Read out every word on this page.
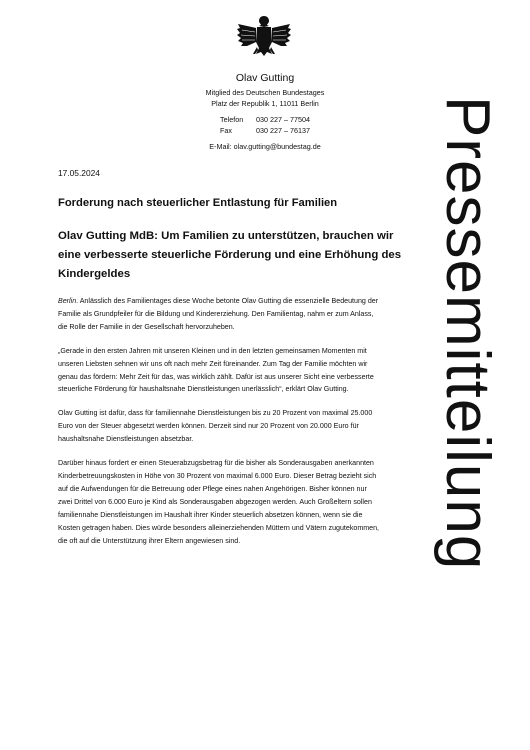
Olav Gutting
Mitglied des Deutschen Bundestages
Platz der Republik 1, 11011 Berlin
Telefon 030 227 – 77504
Fax	030 227 – 76137
E-Mail: olav.gutting@bundestag.de	Pressemitteilung
17.05.2024
Forderung nach steuerlicher Entlastung für Familien
Olav Gutting MdB: Um Familien zu unterstützen, brauchen wir eine verbesserte steuerliche Förderung und eine Erhöhung des Kindergeldes

Berlin. Anlässlich des Familientages diese Woche betonte Olav Gutting die essenzielle Bedeutung der Familie als Grundpfeiler für die Bildung und Kindererziehung. Den Familientag, nahm er zum Anlass, die Rolle der Familie in der Gesellschaft hervorzuheben.

„Gerade in den ersten Jahren mit unseren Kleinen und in den letzten gemeinsamen Momenten mit unseren Liebsten sehnen wir uns oft nach mehr Zeit füreinander. Zum Tag der Familie möchten wir genau das fördern: Mehr Zeit für das, was wirklich zählt. Dafür ist aus unserer Sicht eine verbesserte steuerliche Förderung für haushaltsnahe Dienstleistungen unerlässlich“, erklärt Olav Gutting.

Olav Gutting ist dafür, dass für familiennahe Dienstleistungen bis zu 20 Prozent von maximal 25.000 Euro von der Steuer abgesetzt werden können. Derzeit sind nur 20 Prozent von 20.000 Euro für haushaltsnahe Dienstleistungen absetzbar.

Darüber hinaus fordert er einen Steuerabzugsbetrag für die bisher als Sonderausgaben anerkannten Kinderbetreuungskosten in Höhe von 30 Prozent von maximal 6.000 Euro. Dieser Betrag bezieht sich auf die Aufwendungen für die Betreuung oder Pflege eines nahen Angehörigen. Bisher können nur zwei Drittel von 6.000 Euro je Kind als Sonderausgaben abgezogen werden. Auch Großeltern sollen familiennahe Dienstleistungen im Haushalt ihrer Kinder steuerlich absetzen können, wenn sie die Kosten getragen haben. Dies würde besonders alleinerziehenden Müttern und Vätern zugutekommen, die oft auf die Unterstützung ihrer Eltern angewiesen sind.
